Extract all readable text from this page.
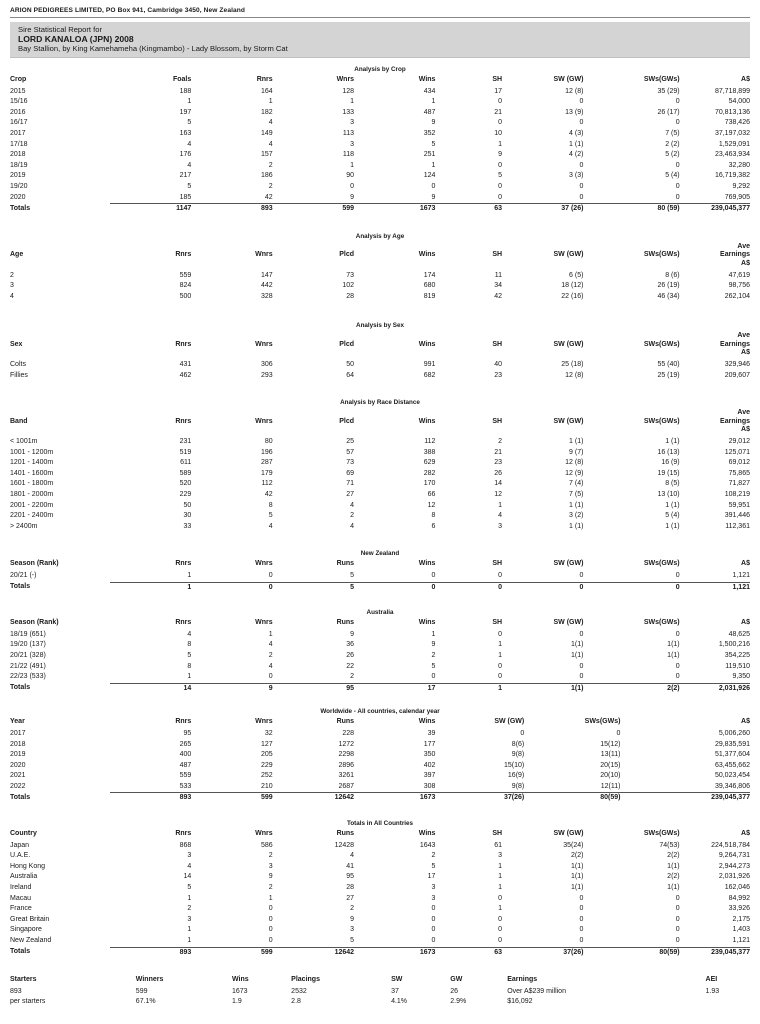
ARION PEDIGREES LIMITED, PO Box 941, Cambridge 3450, New Zealand
Sire Statistical Report for
LORD KANALOA (JPN) 2008
Bay Stallion, by King Kamehameha (Kingmambo) - Lady Blossom, by Storm Cat
Analysis by Crop
Crop	Foals	Rnrs	Wnrs	Wins	SH	SW (GW)	SWs(GWs)	A$
2015	188	164	128	434	17	12 (8)	35 (29)	87,718,899
15/16	1	1	1	1	0	0	0	54,000
2016	197	182	133	487	21	13 (9)	26 (17)	70,813,136
16/17	5	4	3	9	0	0	0	738,426
2017	163	149	113	352	10	4 (3)	7 (5)	37,197,032
17/18	4	4	3	5	1	1 (1)	2 (2)	1,529,091
2018	176	157	118	251	9	4 (2)	5 (2)	23,463,934
18/19	4	2	1	1	0	0	0	32,280
2019	217	186	90	124	5	3 (3)	5 (4)	16,719,382
19/20	5	2	0	0	0	0	0	9,292
2020	185	42	9	9	0	0	0	769,905
Totals	1147	893	599	1673	63	37 (26)	80 (59)	239,045,377
Analysis by Age
Age	Rnrs	Wnrs	Plcd	Wins	SH	SW (GW)	SWs(GWs)	Ave
Earnings
A$
2	559	147	73	174	11	6 (5)	8 (6)	47,619
3	824	442	102	680	34	18 (12)	26 (19)	98,756
4	500	328	28	819	42	22 (16)	46 (34)	262,104
Analysis by Sex
Sex	Rnrs	Wnrs	Plcd	Wins	SH	SW (GW)	SWs(GWs)	Ave
Earnings
A$
Colts	431	306	50	991	40	25 (18)	55 (40)	329,946
Fillies	462	293	64	682	23	12 (8)	25 (19)	209,607
Analysis by Race Distance
Band	Rnrs	Wnrs	Plcd	Wins	SH	SW (GW)	SWs(GWs)	Ave
Earnings
A$
< 1001m	231	80	25	112	2	1 (1)	1 (1)	29,012
1001 - 1200m	519	196	57	388	21	9 (7)	16 (13)	125,071
1201 - 1400m	611	287	73	629	23	12 (8)	16 (9)	69,012
1401 - 1600m	589	179	69	282	26	12 (9)	19 (15)	75,865
1601 - 1800m	520	112	71	170	14	7 (4)	8 (5)	71,827
1801 - 2000m	229	42	27	66	12	7 (5)	13 (10)	108,219
2001 - 2200m	50	8	4	12	1	1 (1)	1 (1)	59,951
2201 - 2400m	30	5	2	8	4	3 (2)	5 (4)	391,446
> 2400m	33	4	4	6	3	1 (1)	1 (1)	112,361
New Zealand
Season (Rank)	Rnrs	Wnrs	Runs	Wins	SH	SW (GW)	SWs(GWs)	A$
20/21 (-)	1	0	5	0	0	0	0	1,121
Totals	1	0	5	0	0	0	0	1,121
Australia
Season (Rank)	Rnrs	Wnrs	Runs	Wins	SH	SW (GW)	SWs(GWs)	A$
18/19 (651)	4	1	9	1	0	0	0	48,625
19/20 (137)	8	4	36	9	1	1(1)	1(1)	1,500,216
20/21 (328)	5	2	26	2	1	1(1)	1(1)	354,225
21/22 (491)	8	4	22	5	0	0	0	119,510
22/23 (533)	1	0	2	0	0	0	0	9,350
Totals	14	9	95	17	1	1(1)	2(2)	2,031,926
Worldwide - All countries, calendar year
Year	Rnrs	Wnrs	Runs	Wins	SW (GW)	SWs(GWs)	A$
2017	95	32	228	39	0	0	5,006,260
2018	265	127	1272	177	8(6)	15(12)	29,835,591
2019	400	205	2298	350	9(8)	13(11)	51,377,604
2020	487	229	2896	402	15(10)	20(15)	63,455,662
2021	559	252	3261	397	16(9)	20(10)	50,023,454
2022	533	210	2687	308	9(8)	12(11)	39,346,806
Totals	893	599	12642	1673	37(26)	80(59)	239,045,377
Totals in All Countries
Country	Rnrs	Wnrs	Runs	Wins	SH	SW (GW)	SWs(GWs)	A$
Japan	868	586	12428	1643	61	35(24)	74(53)	224,518,784
U.A.E.	3	2	4	2	3	2(2)	2(2)	9,264,731
Hong Kong	4	3	41	5	1	1(1)	1(1)	2,944,273
Australia	14	9	95	17	1	1(1)	2(2)	2,031,926
Ireland	5	2	28	3	1	1(1)	1(1)	162,046
Macau	1	1	27	3	0	0	0	84,992
France	2	0	2	0	1	0	0	33,926
Great Britain	3	0	9	0	0	0	0	2,175
Singapore	1	0	3	0	0	0	0	1,403
New Zealand	1	0	5	0	0	0	0	1,121
Totals	893	599	12642	1673	63	37(26)	80(59)	239,045,377
Starters	Winners	Wins	Placings	SW	GW	Earnings	AEI
893	599	1673	2532	37	26	Over A$239 million	1.93
per starters	67.1%	1.9	2.8	4.1%	2.9%	$16,092	
